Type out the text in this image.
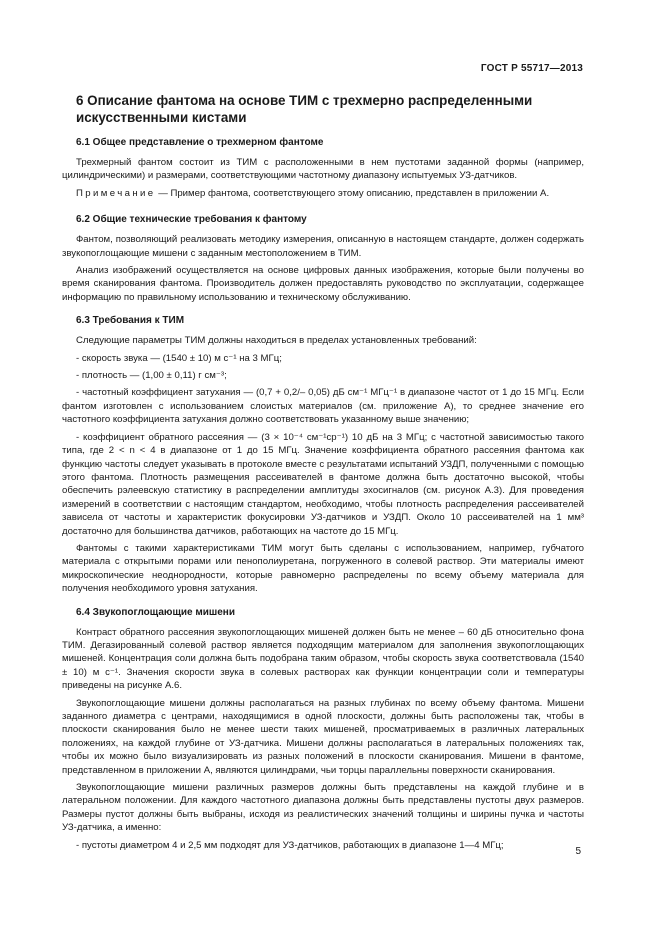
ГОСТ Р 55717—2013
6 Описание фантома на основе ТИМ с трехмерно распределенными искусственными кистами
6.1 Общее представление о трехмерном фантоме

Трехмерный фантом состоит из ТИМ с расположенными в нем пустотами заданной формы (например, цилиндрическими) и размерами, соответствующими частотному диапазону испытуемых УЗ-датчиков.

Примечание — Пример фантома, соответствующего этому описанию, представлен в приложении А.

6.2 Общие технические требования к фантому

Фантом, позволяющий реализовать методику измерения, описанную в настоящем стандарте, должен содержать звукопоглощающие мишени с заданным местоположением в ТИМ.

Анализ изображений осуществляется на основе цифровых данных изображения, которые были получены во время сканирования фантома. Производитель должен предоставлять руководство по эксплуатации, содержащее информацию по правильному использованию и техническому обслуживанию.

6.3 Требования к ТИМ

Следующие параметры ТИМ должны находиться в пределах установленных требований:

- скорость звука — (1540 ± 10) м с⁻¹ на 3 МГц;

- плотность — (1,00 ± 0,11) г см⁻³;

- частотный коэффициент затухания — (0,7 + 0,2/– 0,05) дБ см⁻¹ МГц⁻¹ в диапазоне частот от 1 до 15 МГц. Если фантом изготовлен с использованием слоистых материалов (см. приложение А), то среднее значение его частотного коэффициента затухания должно соответствовать указанному выше значению;

- коэффициент обратного рассеяния — (3 × 10⁻⁴ см⁻¹ср⁻¹) 10 дБ на 3 МГц; с частотной зависимостью такого типа, где 2 < n < 4 в диапазоне от 1 до 15 МГц. Значение коэффициента обратного рассеяния фантома как функцию частоты следует указывать в протоколе вместе с результатами испытаний УЗДП, полученными с помощью этого фантома. Плотность размещения рассеивателей в фантоме должна быть достаточно высокой, чтобы обеспечить рэлеевскую статистику в распределении амплитуды эхосигналов (см. рисунок А.3). Для проведения измерений в соответствии с настоящим стандартом, необходимо, чтобы плотность распределения рассеивателей зависела от частоты и характеристик фокусировки УЗ-датчиков и УЗДП. Около 10 рассеивателей на 1 мм³ достаточно для большинства датчиков, работающих на частоте до 15 МГц.

Фантомы с такими характеристиками ТИМ могут быть сделаны с использованием, например, губчатого материала с открытыми порами или пенополиуретана, погруженного в солевой раствор. Эти материалы имеют микроскопические неоднородности, которые равномерно распределены по всему объему материала для получения необходимого уровня затухания.

6.4 Звукопоглощающие мишени

Контраст обратного рассеяния звукопоглощающих мишеней должен быть не менее – 60 дБ относительно фона ТИМ. Дегазированный солевой раствор является подходящим материалом для заполнения звукопоглощающих мишеней. Концентрация соли должна быть подобрана таким образом, чтобы скорость звука соответствовала (1540 ± 10) м с⁻¹. Значения скорости звука в солевых растворах как функции концентрации соли и температуры приведены на рисунке А.6.

Звукопоглощающие мишени должны располагаться на разных глубинах по всему объему фантома. Мишени заданного диаметра с центрами, находящимися в одной плоскости, должны быть расположены так, чтобы в плоскости сканирования было не менее шести таких мишеней, просматриваемых в различных латеральных положениях, на каждой глубине от УЗ-датчика. Мишени должны располагаться в латеральных положениях так, чтобы их можно было визуализировать из разных положений в плоскости сканирования. Мишени в фантоме, представленном в приложении А, являются цилиндрами, чьи торцы параллельны поверхности сканирования.

Звукопоглощающие мишени различных размеров должны быть представлены на каждой глубине и в латеральном положении. Для каждого частотного диапазона должны быть представлены пустоты двух размеров. Размеры пустот должны быть выбраны, исходя из реалистических значений толщины и ширины пучка и частоты УЗ-датчика, а именно:

- пустоты диаметром 4 и 2,5 мм подходят для УЗ-датчиков, работающих в диапазоне 1—4 МГц;

5
